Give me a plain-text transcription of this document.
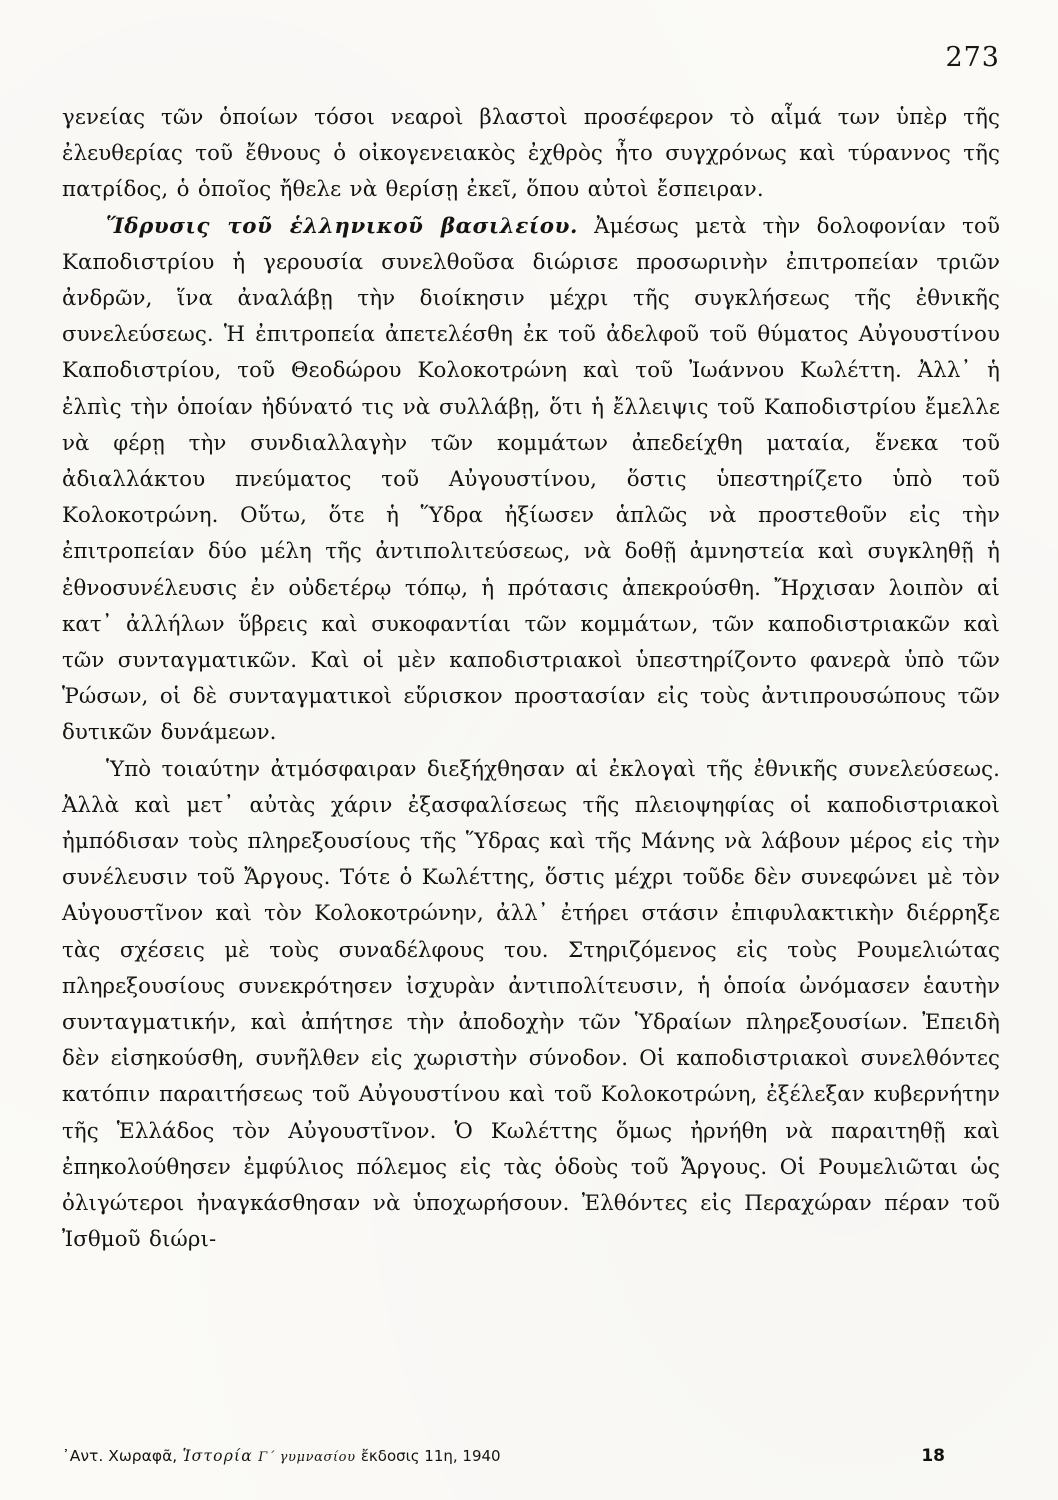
273

γενείας τῶν ὁποίων τόσοι νεαροὶ βλαστοὶ προσέφερον τὸ αἷμά των ὑπὲρ τῆς ἐλευθερίας τοῦ ἔθνους ὁ οἰκογενειακὸς ἐχθρὸς ἦτο συγχρόνως καὶ τύραννος τῆς πατρίδος, ὁ ὁποῖος ἤθελε νὰ θερίσῃ ἐκεῖ, ὅπου αὐτοὶ ἔσπειραν.

Ἵδρυσις τοῦ ἑλληνικοῦ βασιλείου. Ἀμέσως μετὰ τὴν δολοφονίαν τοῦ Καποδιστρίου ἡ γερουσία συνελθοῦσα διώρισε προσωρινὴν ἐπιτροπείαν τριῶν ἀνδρῶν, ἵνα ἀναλάβῃ τὴν διοίκησιν μέχρι τῆς συγκλήσεως τῆς ἐθνικῆς συνελεύσεως. Ἡ ἐπιτροπεία ἀπετελέσθη ἐκ τοῦ ἀδελφοῦ τοῦ θύματος Αὐγουστίνου Καποδιστρίου, τοῦ Θεοδώρου Κολοκοτρώνη καὶ τοῦ Ἰωάννου Κωλέττη. Ἀλλ᾽ ἡ ἐλπὶς τὴν ὁποίαν ἠδύνατό τις νὰ συλλάβῃ, ὅτι ἡ ἔλλειψις τοῦ Καποδιστρίου ἔμελλε νὰ φέρῃ τὴν συνδιαλλαγὴν τῶν κομμάτων ἀπεδείχθη ματαία, ἕνεκα τοῦ ἀδιαλλάκτου πνεύματος τοῦ Αὐγουστίνου, ὅστις ὑπεστηρίζετο ὑπὸ τοῦ Κολοκοτρώνη. Οὕτω, ὅτε ἡ Ὕδρα ἠξίωσεν ἁπλῶς νὰ προστεθοῦν εἰς τὴν ἐπιτροπείαν δύο μέλη τῆς ἀντιπολιτεύσεως, νὰ δοθῇ ἀμνηστεία καὶ συγκληθῇ ἡ ἐθνοσυνέλευσις ἐν οὐδετέρῳ τόπῳ, ἡ πρότασις ἀπεκρούσθη. Ἤρχισαν λοιπὸν αἱ κατ᾽ ἀλλήλων ὕβρεις καὶ συκοφαντίαι τῶν κομμάτων, τῶν καποδιστριακῶν καὶ τῶν συνταγματικῶν. Καὶ οἱ μὲν καποδιστριακοὶ ὑπεστηρίζοντο φανερὰ ὑπὸ τῶν Ῥώσων, οἱ δὲ συνταγματικοὶ εὕρισκον προστασίαν εἰς τοὺς ἀντιπρουσώπους τῶν δυτικῶν δυνάμεων.

Ὑπὸ τοιαύτην ἀτμόσφαιραν διεξήχθησαν αἱ ἐκλογαὶ τῆς ἐθνικῆς συνελεύσεως. Ἀλλὰ καὶ μετ᾽ αὐτὰς χάριν ἐξασφαλίσεως τῆς πλειοψηφίας οἱ καποδιστριακοὶ ἠμπόδισαν τοὺς πληρεξουσίους τῆς Ὕδρας καὶ τῆς Μάνης νὰ λάβουν μέρος εἰς τὴν συνέλευσιν τοῦ Ἄργους. Τότε ὁ Κωλέττης, ὅστις μέχρι τοῦδε δὲν συνεφώνει μὲ τὸν Αὐγουστῖνον καὶ τὸν Κολοκοτρώνην, ἀλλ᾽ ἐτήρει στάσιν ἐπιφυλακτικὴν διέρρηξε τὰς σχέσεις μὲ τοὺς συναδέλφους του. Στηριζόμενος εἰς τοὺς Ρουμελιώτας πληρεξουσίους συνεκρότησεν ἰσχυρὰν ἀντιπολίτευσιν, ἡ ὁποία ὠνόμασεν ἑαυτὴν συνταγματικήν, καὶ ἀπήτησε τὴν ἀποδοχὴν τῶν Ὑδραίων πληρεξουσίων. Ἐπειδὴ δὲν εἰσηκούσθη, συνῆλθεν εἰς χωριστὴν σύνοδον. Οἱ καποδιστριακοὶ συνελθόντες κατόπιν παραιτήσεως τοῦ Αὐγουστίνου καὶ τοῦ Κολοκοτρώνη, ἐξέλεξαν κυβερνήτην τῆς Ἑλλάδος τὸν Αὐγουστῖνον. Ὁ Κωλέττης ὅμως ἠρνήθη νὰ παραιτηθῇ καὶ ἐπηκολούθησεν ἐμφύλιος πόλεμος εἰς τὰς ὁδοὺς τοῦ Ἄργους. Οἱ Ρουμελιῶται ὡς ὀλιγώτεροι ἠναγκάσθησαν νὰ ὑποχωρήσουν. Ἐλθόντες εἰς Περαχώραν πέραν τοῦ Ἰσθμοῦ διώρι-

᾽Αντ. Χωραφᾶ, Ἱστορία Γ΄ γυμνασίου ἔκδοσις 11η, 1940	18
